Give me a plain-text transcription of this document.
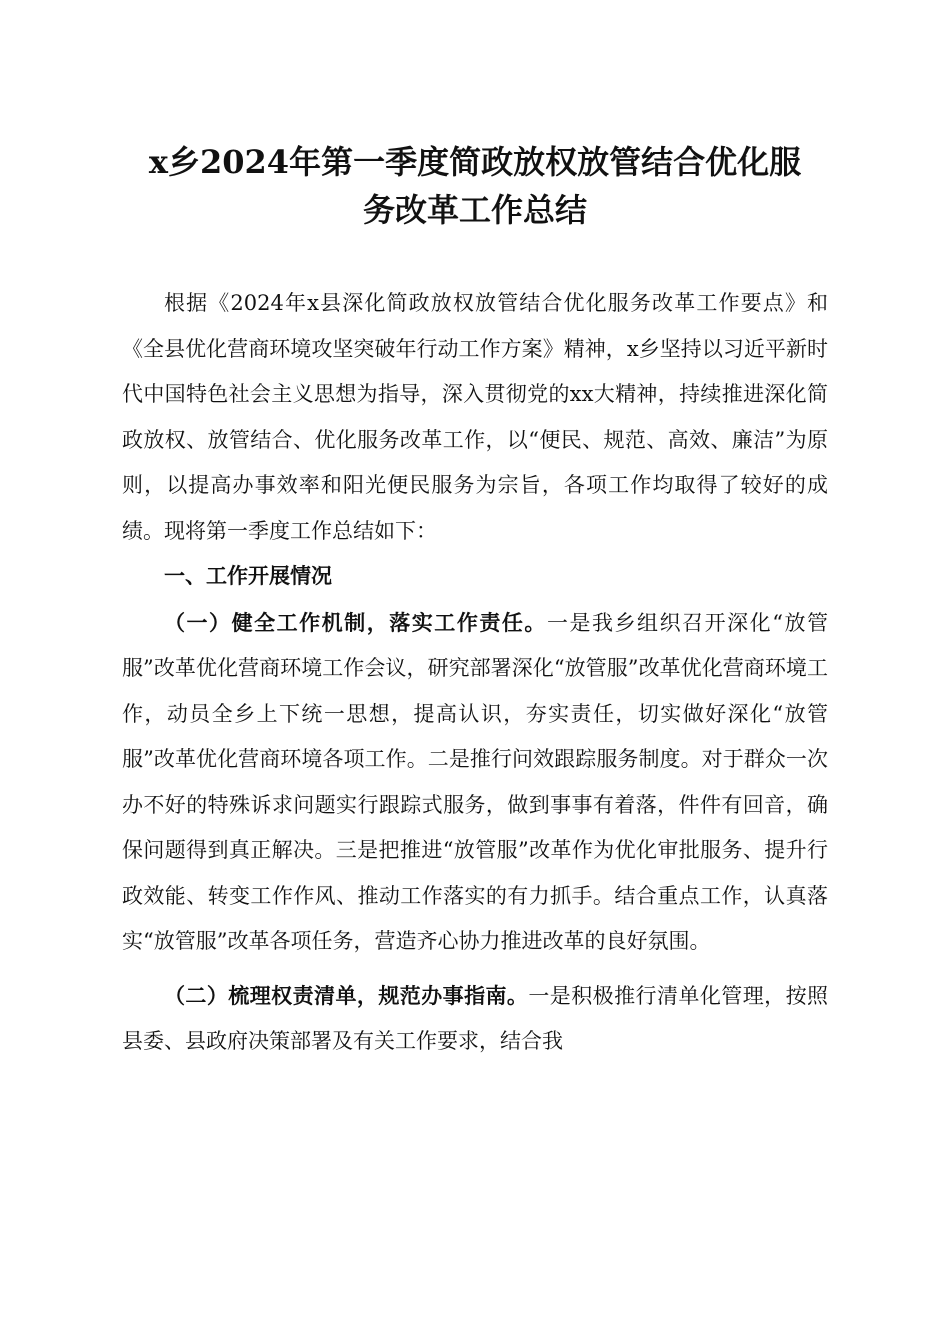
x乡2024年第一季度简政放权放管结合优化服
务改革工作总结

根据《2024年x县深化简政放权放管结合优化服务改革工作要点》和《全县优化营商环境攻坚突破年行动工作方案》精神，x乡坚持以习近平新时代中国特色社会主义思想为指导，深入贯彻党的xx大精神，持续推进深化简政放权、放管结合、优化服务改革工作，以“便民、规范、高效、廉洁”为原则，以提高办事效率和阳光便民服务为宗旨，各项工作均取得了较好的成绩。现将第一季度工作总结如下：

一、工作开展情况

（一）健全工作机制，落实工作责任。一是我乡组织召开深化“放管服”改革优化营商环境工作会议，研究部署深化“放管服”改革优化营商环境工作，动员全乡上下统一思想，提高认识，夯实责任，切实做好深化“放管服”改革优化营商环境各项工作。二是推行问效跟踪服务制度。对于群众一次办不好的特殊诉求问题实行跟踪式服务，做到事事有着落，件件有回音，确保问题得到真正解决。三是把推进“放管服”改革作为优化审批服务、提升行政效能、转变工作作风、推动工作落实的有力抓手。结合重点工作，认真落实“放管服”改革各项任务，营造齐心协力推进改革的良好氛围。

（二）梳理权责清单，规范办事指南。一是积极推行清单化管理，按照县委、县政府决策部署及有关工作要求，结合我
